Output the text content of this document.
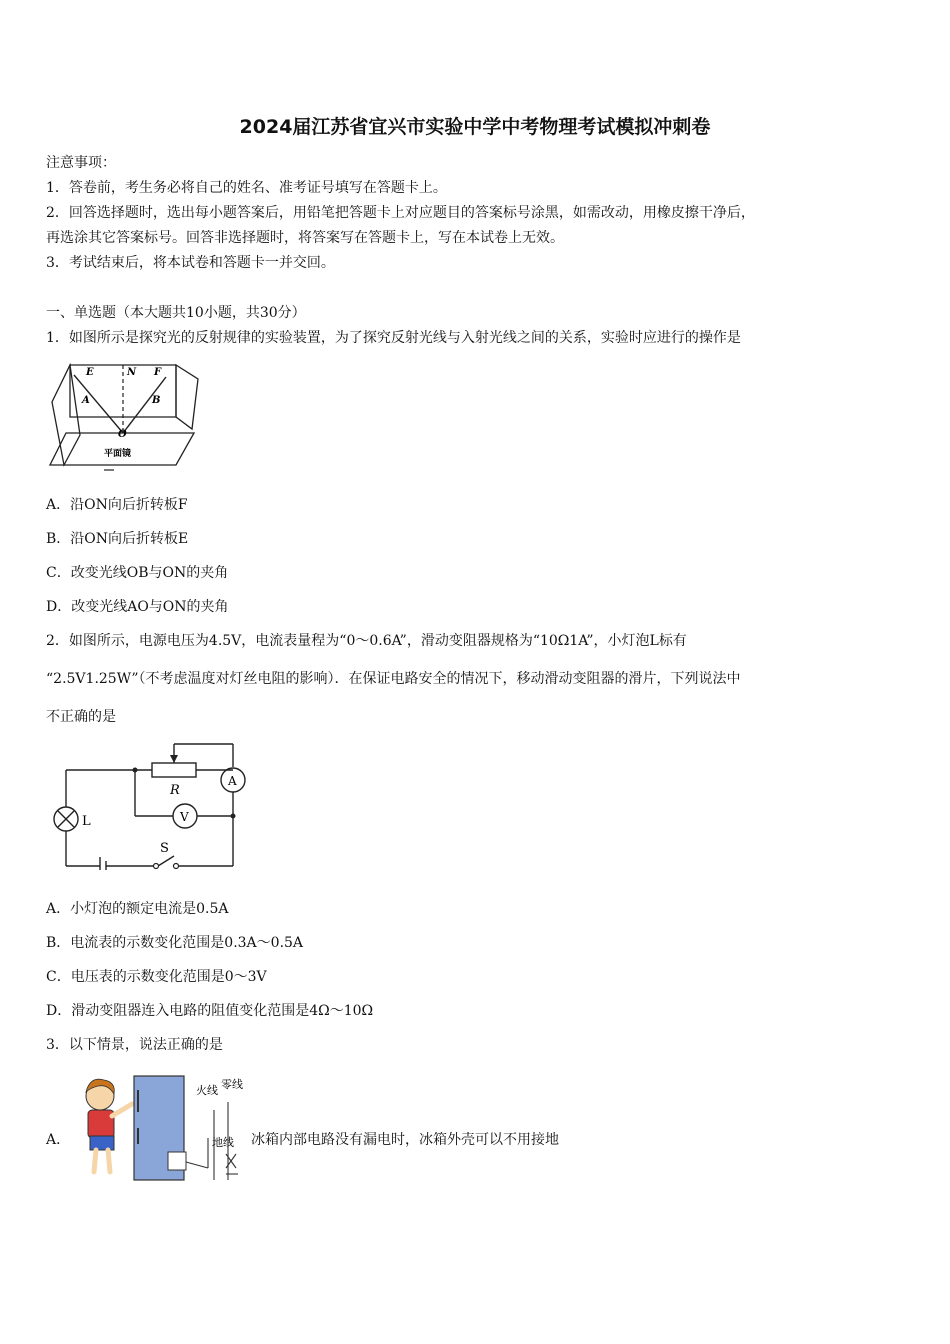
2024届江苏省宜兴市实验中学中考物理考试模拟冲刺卷
注意事项：
1．答卷前，考生务必将自己的姓名、准考证号填写在答题卡上。
2．回答选择题时，选出每小题答案后，用铅笔把答题卡上对应题目的答案标号涂黑，如需改动，用橡皮擦干净后，
再选涂其它答案标号。回答非选择题时，将答案写在答题卡上，写在本试卷上无效。
3．考试结束后，将本试卷和答题卡一并交回。
一、单选题（本大题共10小题，共30分）
1．如图所示是探究光的反射规律的实验装置，为了探究反射光线与入射光线之间的关系，实验时应进行的操作是
E	N F
A	B
O
平面镜
A．沿ON向后折转板F
B．沿ON向后折转板E
C．改变光线OB与ON的夹角
D．改变光线AO与ON的夹角
2．如图所示，电源电压为4.5V，电流表量程为“0～0.6A”，滑动变阻器规格为“10Ω1A”，小灯泡L标有
“2.5V1.25W”（不考虑温度对灯丝电阻的影响）．在保证电路安全的情况下，移动滑动变阻器的滑片，下列说法中
不正确的是
R
A
V
L
S
A．小灯泡的额定电流是0.5A
B．电流表的示数变化范围是0.3A～0.5A
C．电压表的示数变化范围是0～3V
D．滑动变阻器连入电路的阻值变化范围是4Ω～10Ω
3．以下情景，说法正确的是
A．
火线 零线
地线 冰箱内部电路没有漏电时，冰箱外壳可以不用接地
